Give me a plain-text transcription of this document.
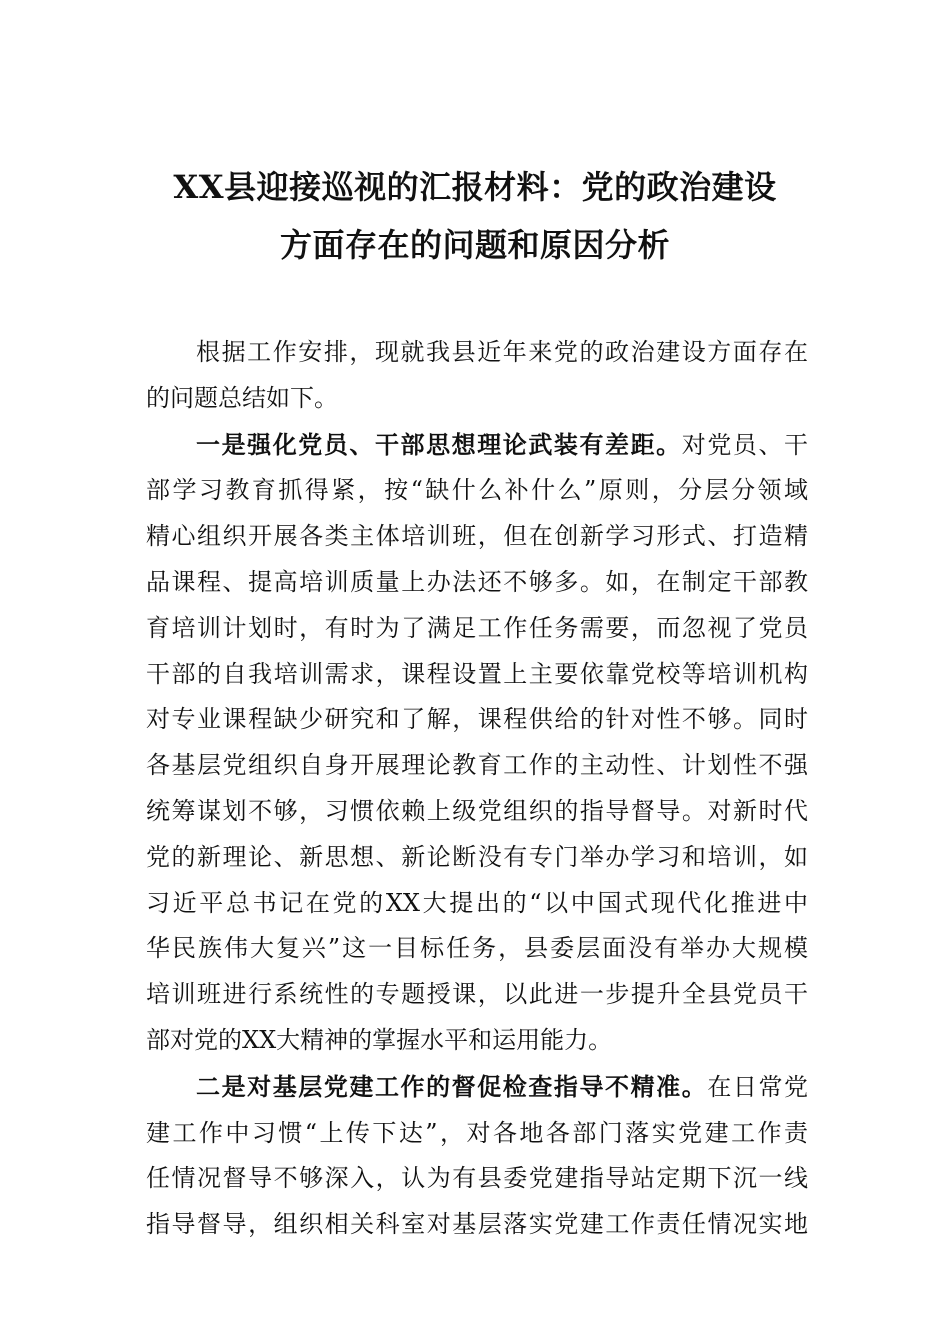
XX县迎接巡视的汇报材料：党的政治建设
方面存在的问题和原因分析

根据工作安排，现就我县近年来党的政治建设方面存在
的问题总结如下。

一是强化党员、干部思想理论武装有差距。对党员、干
部学习教育抓得紧，按“缺什么补什么”原则，分层分领域
精心组织开展各类主体培训班，但在创新学习形式、打造精
品课程、提高培训质量上办法还不够多。如，在制定干部教
育培训计划时，有时为了满足工作任务需要，而忽视了党员
干部的自我培训需求，课程设置上主要依靠党校等培训机构
对专业课程缺少研究和了解，课程供给的针对性不够。同时
各基层党组织自身开展理论教育工作的主动性、计划性不强
统筹谋划不够，习惯依赖上级党组织的指导督导。对新时代
党的新理论、新思想、新论断没有专门举办学习和培训，如
习近平总书记在党的XX大提出的“以中国式现代化推进中
华民族伟大复兴”这一目标任务，县委层面没有举办大规模
培训班进行系统性的专题授课，以此进一步提升全县党员干
部对党的XX大精神的掌握水平和运用能力。

二是对基层党建工作的督促检查指导不精准。在日常党
建工作中习惯“上传下达”，对各地各部门落实党建工作责
任情况督导不够深入，认为有县委党建指导站定期下沉一线
指导督导，组织相关科室对基层落实党建工作责任情况实地
